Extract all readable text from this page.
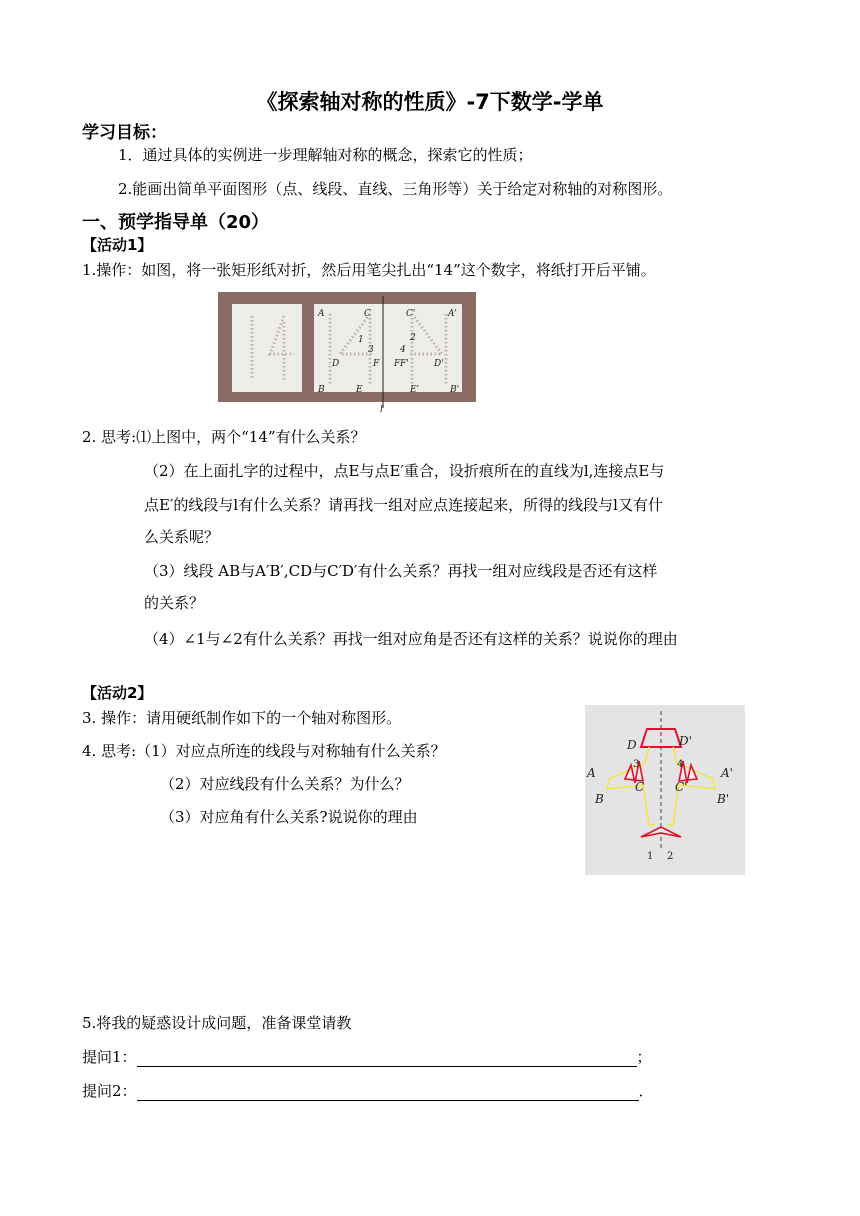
《探索轴对称的性质》-7下数学-学单
学习目标：
1．通过具体的实例进一步理解轴对称的概念，探索它的性质；
2.能画出简单平面图形（点、线段、直线、三角形等）关于给定对称轴的对称图形。
一、预学指导单（20）
【活动1】
1.操作：如图，将一张矩形纸对折，然后用笔尖扎出“14”这个数字，将纸打开后平铺。
A	C
1
3
D	F
B	E
C'	A'
2
4
F'	D'
F
E'	B'
l
2. 思考:⑴上图中，两个“14”有什么关系？
（2）在上面扎字的过程中，点E与点E′重合，设折痕所在的直线为l,连接点E与
点E′的线段与l有什么关系？请再找一组对应点连接起来，所得的线段与l又有什
么关系呢？
（3）线段 AB与A′B′,CD与C′D′有什么关系？再找一组对应线段是否还有这样
的关系？
（4）∠1与∠2有什么关系？再找一组对应角是否还有这样的关系？说说你的理由
【活动2】
3. 操作：请用硬纸制作如下的一个轴对称图形。
4. 思考:（1）对应点所连的线段与对称轴有什么关系？
（2）对应线段有什么关系？为什么？
（3）对应角有什么关系?说说你的理由
D	D'
A
3	4
A'
C	C'
B	B'
1 2
5.将我的疑惑设计成问题，准备课堂请教
提问1：	；
提问2：	．
